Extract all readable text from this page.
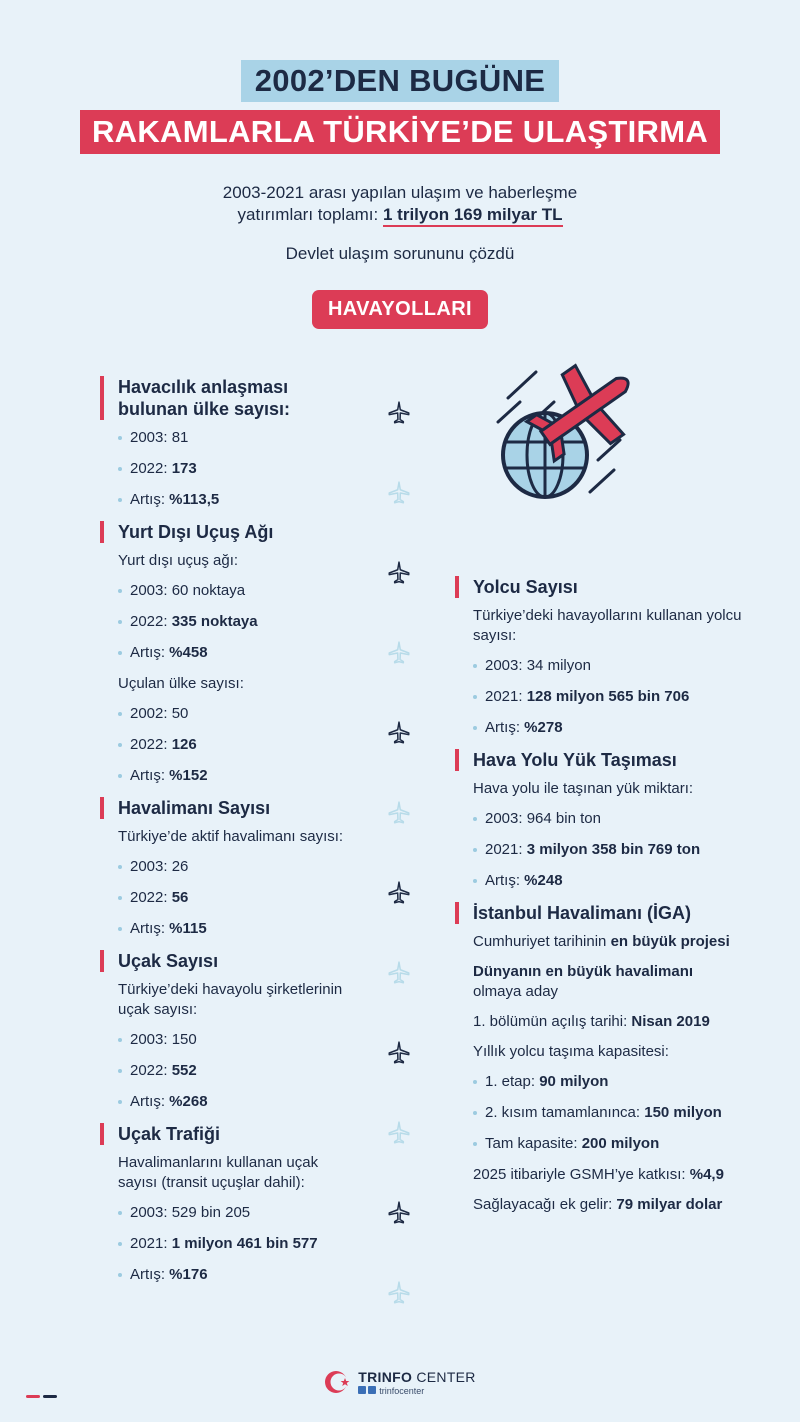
2002’DEN BUGÜNE
RAKAMLARLA TÜRKİYE’DE ULAŞTIRMA
2003-2021 arası yapılan ulaşım ve haberleşme
yatırımları toplamı: 1 trilyon 169 milyar TL
Devlet ulaşım sorununu çözdü
HAVAYOLLARI
Havacılık anlaşması bulunan ülke sayısı:
2003: 81
2022: 173
Artış: %113,5
Yurt Dışı Uçuş Ağı
Yurt dışı uçuş ağı:
2003: 60 noktaya
2022: 335 noktaya
Artış: %458
Uçulan ülke sayısı:
2002: 50
2022: 126
Artış: %152
Havalimanı Sayısı
Türkiye’de aktif havalimanı sayısı:
2003: 26
2022: 56
Artış: %115
Uçak Sayısı
Türkiye’deki havayolu şirketlerinin uçak sayısı:
2003: 150
2022: 552
Artış: %268
Uçak Trafiği
Havalimanlarını kullanan uçak sayısı (transit uçuşlar dahil):
2003: 529 bin 205
2021: 1 milyon 461 bin 577
Artış: %176
Yolcu Sayısı
Türkiye’deki havayollarını kullanan yolcu sayısı:
2003: 34 milyon
2021: 128 milyon 565 bin 706
Artış: %278
Hava Yolu Yük Taşıması
Hava yolu ile taşınan yük miktarı:
2003: 964 bin ton
2021: 3 milyon 358 bin 769 ton
Artış: %248
İstanbul Havalimanı (İGA)
Cumhuriyet tarihinin en büyük projesi
Dünyanın en büyük havalimanı olmaya aday
1. bölümün açılış tarihi: Nisan 2019
Yıllık yolcu taşıma kapasitesi:
1. etap: 90 milyon
2. kısım tamamlanınca: 150 milyon
Tam kapasite: 200 milyon
2025 itibariyle GSMH’ye katkısı: %4,9
Sağlayacağı ek gelir: 79 milyar dolar
TRINFO CENTER
trinfocenter
